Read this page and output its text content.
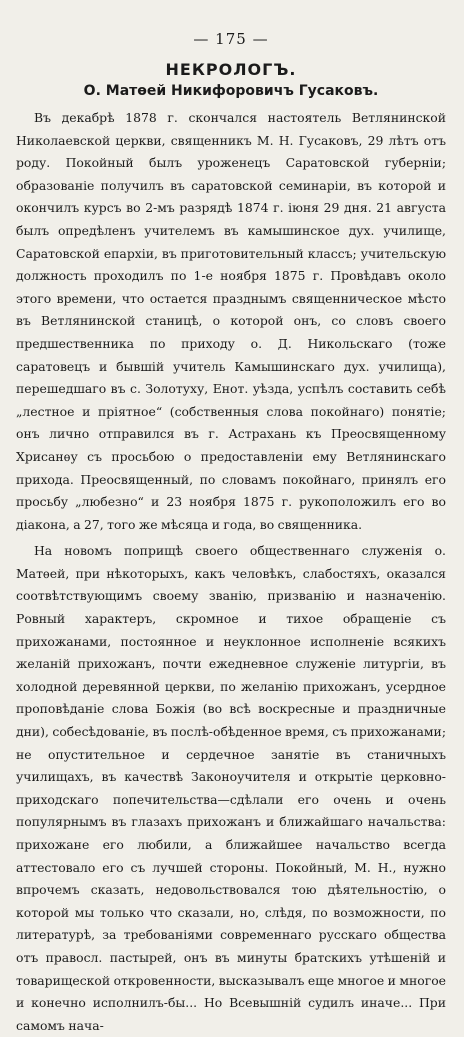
— 175 —
НЕКРОЛОГЪ.
О. Матѳей Никифоровичъ Гусаковъ.

Въ декабрѣ 1878 г. скончался настоятель Ветлянинской Николаевской церкви, священникъ М. Н. Гусаковъ, 29 лѣтъ отъ роду. Покойный былъ уроженецъ Саратовской губерніи; образованіе получилъ въ саратовской семинаріи, въ которой и окончилъ курсъ во 2-мъ разрядѣ 1874 г. іюня 29 дня. 21 августа былъ опредѣленъ учителемъ въ камышинское дух. училище, Саратовской епархіи, въ приготовительный классъ; учительскую должность проходилъ по 1-е ноября 1875 г. Провѣдавъ около этого времени, что остается празднымъ священническое мѣсто въ Ветлянинской станицѣ, о которой онъ, со словъ своего предшественника по приходу о. Д. Никольскаго (тоже саратовецъ и бывшій учитель Камышинскаго дух. училища), перешедшаго въ с. Золотуху, Енот. уѣзда, успѣлъ составить себѣ „лестное и пріятное“ (собственныя слова покойнаго) понятіе; онъ лично отправился въ г. Астрахань къ Преосвященному Хрисанѳу съ просьбою о предоставленіи ему Ветлянинскаго прихода. Преосвященный, по словамъ покойнаго, принялъ его просьбу „любезно“ и 23 ноября 1875 г. рукоположилъ его во діакона, а 27, того же мѣсяца и года, во священника.

На новомъ поприщѣ своего общественнаго служенія о. Матѳей, при нѣкоторыхъ, какъ человѣкъ, слабостяхъ, оказался соотвѣтствующимъ своему званію, призванію и назначенію. Ровный характеръ, скромное и тихое обращеніе съ прихожанами, постоянное и неуклонное исполненіе всякихъ желаній прихожанъ, почти ежедневное служеніе литургіи, въ холодной деревянной церкви, по желанію прихожанъ, усердное проповѣданіе слова Божія (во всѣ воскресные и праздничные дни), собесѣдованіе, въ послѣ-обѣденное время, съ прихожанами; не опустительное и сердечное занятіе въ станичныхъ училищахъ, въ качествѣ Законоучителя и открытіе церковно-приходскаго попечительства—сдѣлали его очень и очень популярнымъ въ глазахъ прихожанъ и ближайшаго начальства: прихожане его любили, а ближайшее начальство всегда аттестовало его съ лучшей стороны. Покойный, М. Н., нужно впрочемъ сказать, недовольствовался тою дѣятельностію, о которой мы только что сказали, но, слѣдя, по возможности, по литературѣ, за требованіями современнаго русскаго общества отъ правосл. пастырей, онъ въ минуты братскихъ утѣшеній и товарищеской откровенности, высказывалъ еще многое и многое и конечно исполнилъ-бы... Но Всевышній судилъ иначе... При самомъ нача-
